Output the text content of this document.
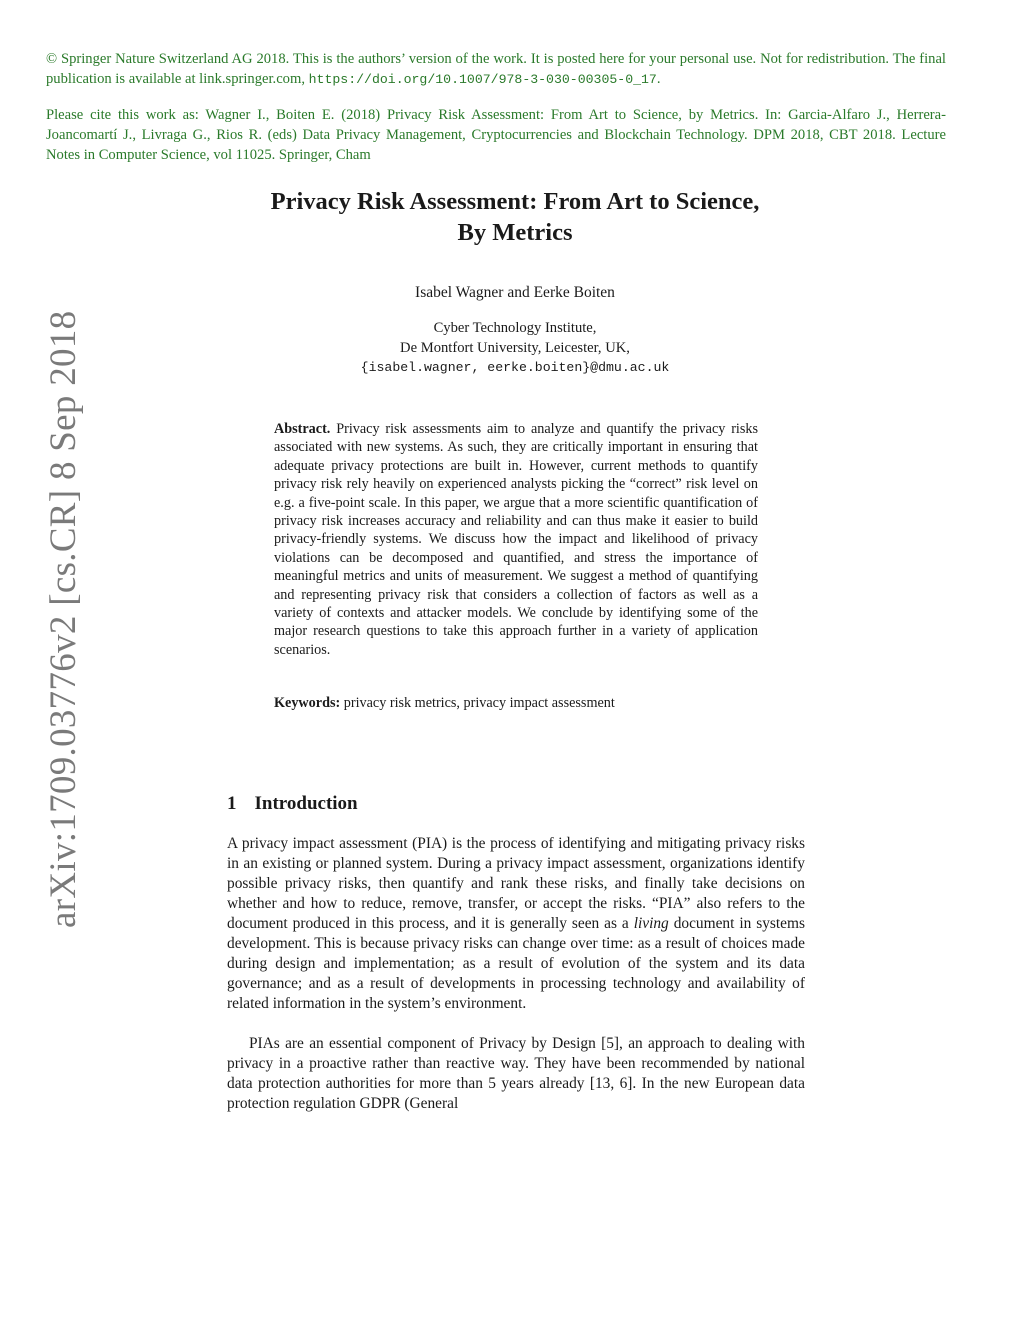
© Springer Nature Switzerland AG 2018. This is the authors’ version of the work. It is posted here for your personal use. Not for redistribution. The final publication is available at link.springer.com, https://doi.org/10.1007/978-3-030-00305-0_17.
Please cite this work as: Wagner I., Boiten E. (2018) Privacy Risk Assessment: From Art to Science, by Metrics. In: Garcia-Alfaro J., Herrera-Joancomartí J., Livraga G., Rios R. (eds) Data Privacy Management, Cryptocurrencies and Blockchain Technology. DPM 2018, CBT 2018. Lecture Notes in Computer Science, vol 11025. Springer, Cham
arXiv:1709.03776v2 [cs.CR] 8 Sep 2018
Privacy Risk Assessment: From Art to Science,
By Metrics
Isabel Wagner and Eerke Boiten
Cyber Technology Institute,
De Montfort University, Leicester, UK,
{isabel.wagner, eerke.boiten}@dmu.ac.uk
Abstract. Privacy risk assessments aim to analyze and quantify the privacy risks associated with new systems. As such, they are critically important in ensuring that adequate privacy protections are built in. However, current methods to quantify privacy risk rely heavily on experienced analysts picking the “correct” risk level on e.g. a five-point scale. In this paper, we argue that a more scientific quantification of privacy risk increases accuracy and reliability and can thus make it easier to build privacy-friendly systems. We discuss how the impact and likelihood of privacy violations can be decomposed and quantified, and stress the importance of meaningful metrics and units of measurement. We suggest a method of quantifying and representing privacy risk that considers a collection of factors as well as a variety of contexts and attacker models. We conclude by identifying some of the major research questions to take this approach further in a variety of application scenarios.
Keywords: privacy risk metrics, privacy impact assessment
1 Introduction
A privacy impact assessment (PIA) is the process of identifying and mitigating privacy risks in an existing or planned system. During a privacy impact assessment, organizations identify possible privacy risks, then quantify and rank these risks, and finally take decisions on whether and how to reduce, remove, transfer, or accept the risks. “PIA” also refers to the document produced in this process, and it is generally seen as a living document in systems development. This is because privacy risks can change over time: as a result of choices made during design and implementation; as a result of evolution of the system and its data governance; and as a result of developments in processing technology and availability of related information in the system’s environment.
PIAs are an essential component of Privacy by Design [5], an approach to dealing with privacy in a proactive rather than reactive way. They have been recommended by national data protection authorities for more than 5 years already [13, 6]. In the new European data protection regulation GDPR (General
